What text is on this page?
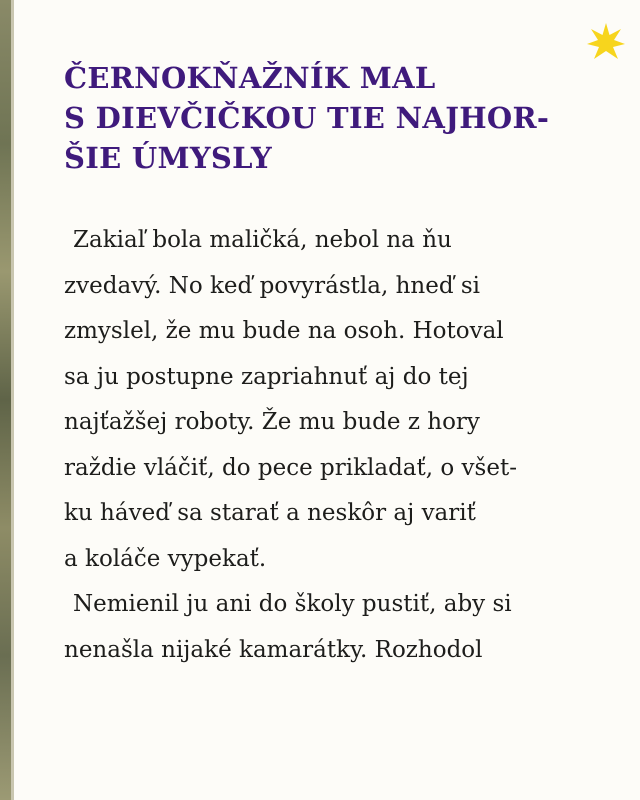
ČERNOKŇAŽNÍK MAL
S DIEVČIČKOU TIE NAJHOR-
ŠIE ÚMYSLY
Zakiaľ bola maličká, nebol na ňu
zvedavý. No keď povyrástla, hneď si
zmyslel, že mu bude na osoh. Hotoval
sa ju postupne zapriahnuť aj do tej
najťažšej roboty. Že mu bude z hory
raždie vláčiť, do pece prikladať, o všet-
ku háveď sa starať a neskôr aj variť
a koláče vypekať.
Nemienil ju ani do školy pustiť, aby si
nenašla nijaké kamarátky. Rozhodol
